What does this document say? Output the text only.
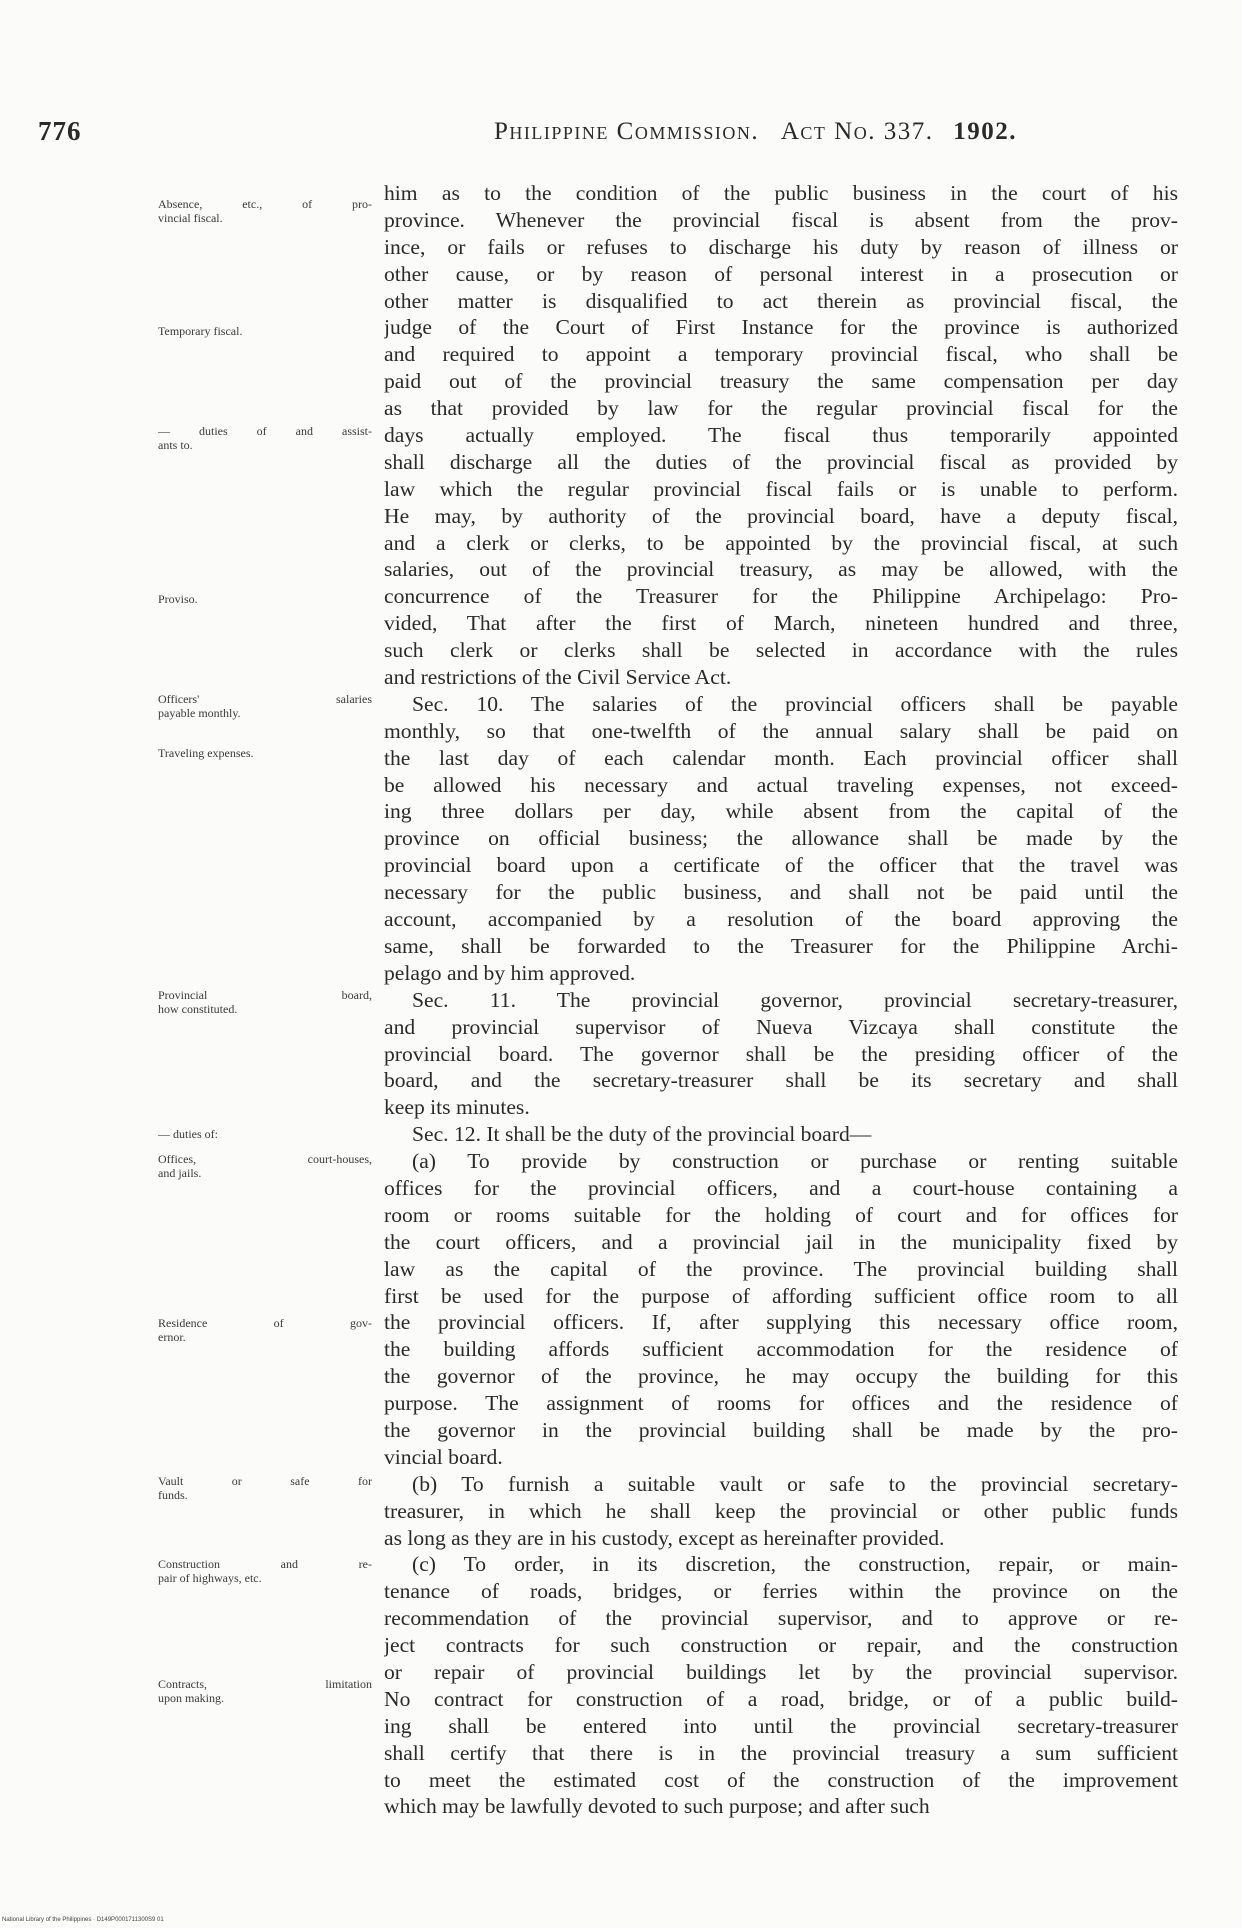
776	Philippine Commission. Act No. 337. 1902.
him as to the condition of the public business in the court of his
province. Whenever the provincial fiscal is absent from the prov-
ince, or fails or refuses to discharge his duty by reason of illness or
other cause, or by reason of personal interest in a prosecution or
other matter is disqualified to act therein as provincial fiscal, the
judge of the Court of First Instance for the province is authorized
and required to appoint a temporary provincial fiscal, who shall be
paid out of the provincial treasury the same compensation per day
as that provided by law for the regular provincial fiscal for the
days actually employed. The fiscal thus temporarily appointed
shall discharge all the duties of the provincial fiscal as provided by
law which the regular provincial fiscal fails or is unable to perform.
He may, by authority of the provincial board, have a deputy fiscal,
and a clerk or clerks, to be appointed by the provincial fiscal, at such
salaries, out of the provincial treasury, as may be allowed, with the
concurrence of the Treasurer for the Philippine Archipelago: Pro-
vided, That after the first of March, nineteen hundred and three,
such clerk or clerks shall be selected in accordance with the rules
and restrictions of the Civil Service Act.
Sec. 10. The salaries of the provincial officers shall be payable
monthly, so that one-twelfth of the annual salary shall be paid on
the last day of each calendar month. Each provincial officer shall
be allowed his necessary and actual traveling expenses, not exceed-
ing three dollars per day, while absent from the capital of the
province on official business; the allowance shall be made by the
provincial board upon a certificate of the officer that the travel was
necessary for the public business, and shall not be paid until the
account, accompanied by a resolution of the board approving the
same, shall be forwarded to the Treasurer for the Philippine Archi-
pelago and by him approved.
Sec. 11. The provincial governor, provincial secretary-treasurer,
and provincial supervisor of Nueva Vizcaya shall constitute the
provincial board. The governor shall be the presiding officer of the
board, and the secretary-treasurer shall be its secretary and shall
keep its minutes.
Sec. 12. It shall be the duty of the provincial board—
(a) To provide by construction or purchase or renting suitable
offices for the provincial officers, and a court-house containing a
room or rooms suitable for the holding of court and for offices for
the court officers, and a provincial jail in the municipality fixed by
law as the capital of the province. The provincial building shall
first be used for the purpose of affording sufficient office room to all
the provincial officers. If, after supplying this necessary office room,
the building affords sufficient accommodation for the residence of
the governor of the province, he may occupy the building for this
purpose. The assignment of rooms for offices and the residence of
the governor in the provincial building shall be made by the pro-
vincial board.
(b) To furnish a suitable vault or safe to the provincial secretary-
treasurer, in which he shall keep the provincial or other public funds
as long as they are in his custody, except as hereinafter provided.
(c) To order, in its discretion, the construction, repair, or main-
tenance of roads, bridges, or ferries within the province on the
recommendation of the provincial supervisor, and to approve or re-
ject contracts for such construction or repair, and the construction
or repair of provincial buildings let by the provincial supervisor.
No contract for construction of a road, bridge, or of a public build-
ing shall be entered into until the provincial secretary-treasurer
shall certify that there is in the provincial treasury a sum sufficient
to meet the estimated cost of the construction of the improvement
which may be lawfully devoted to such purpose; and after such
Absence, etc., of pro-
vincial fiscal.
Temporary fiscal.
— duties of and assist-
ants to.
Proviso.
Officers' salaries
payable monthly.
Traveling expenses.
Provincial board,
how constituted.
— duties of:
Offices, court-houses,
and jails.
Residence of gov-
ernor.
Vault or safe for
funds.
Construction and re-
pair of highways, etc.
Contracts, limitation
upon making.
National Library of the Philippines · D149P0001711300S9 01
